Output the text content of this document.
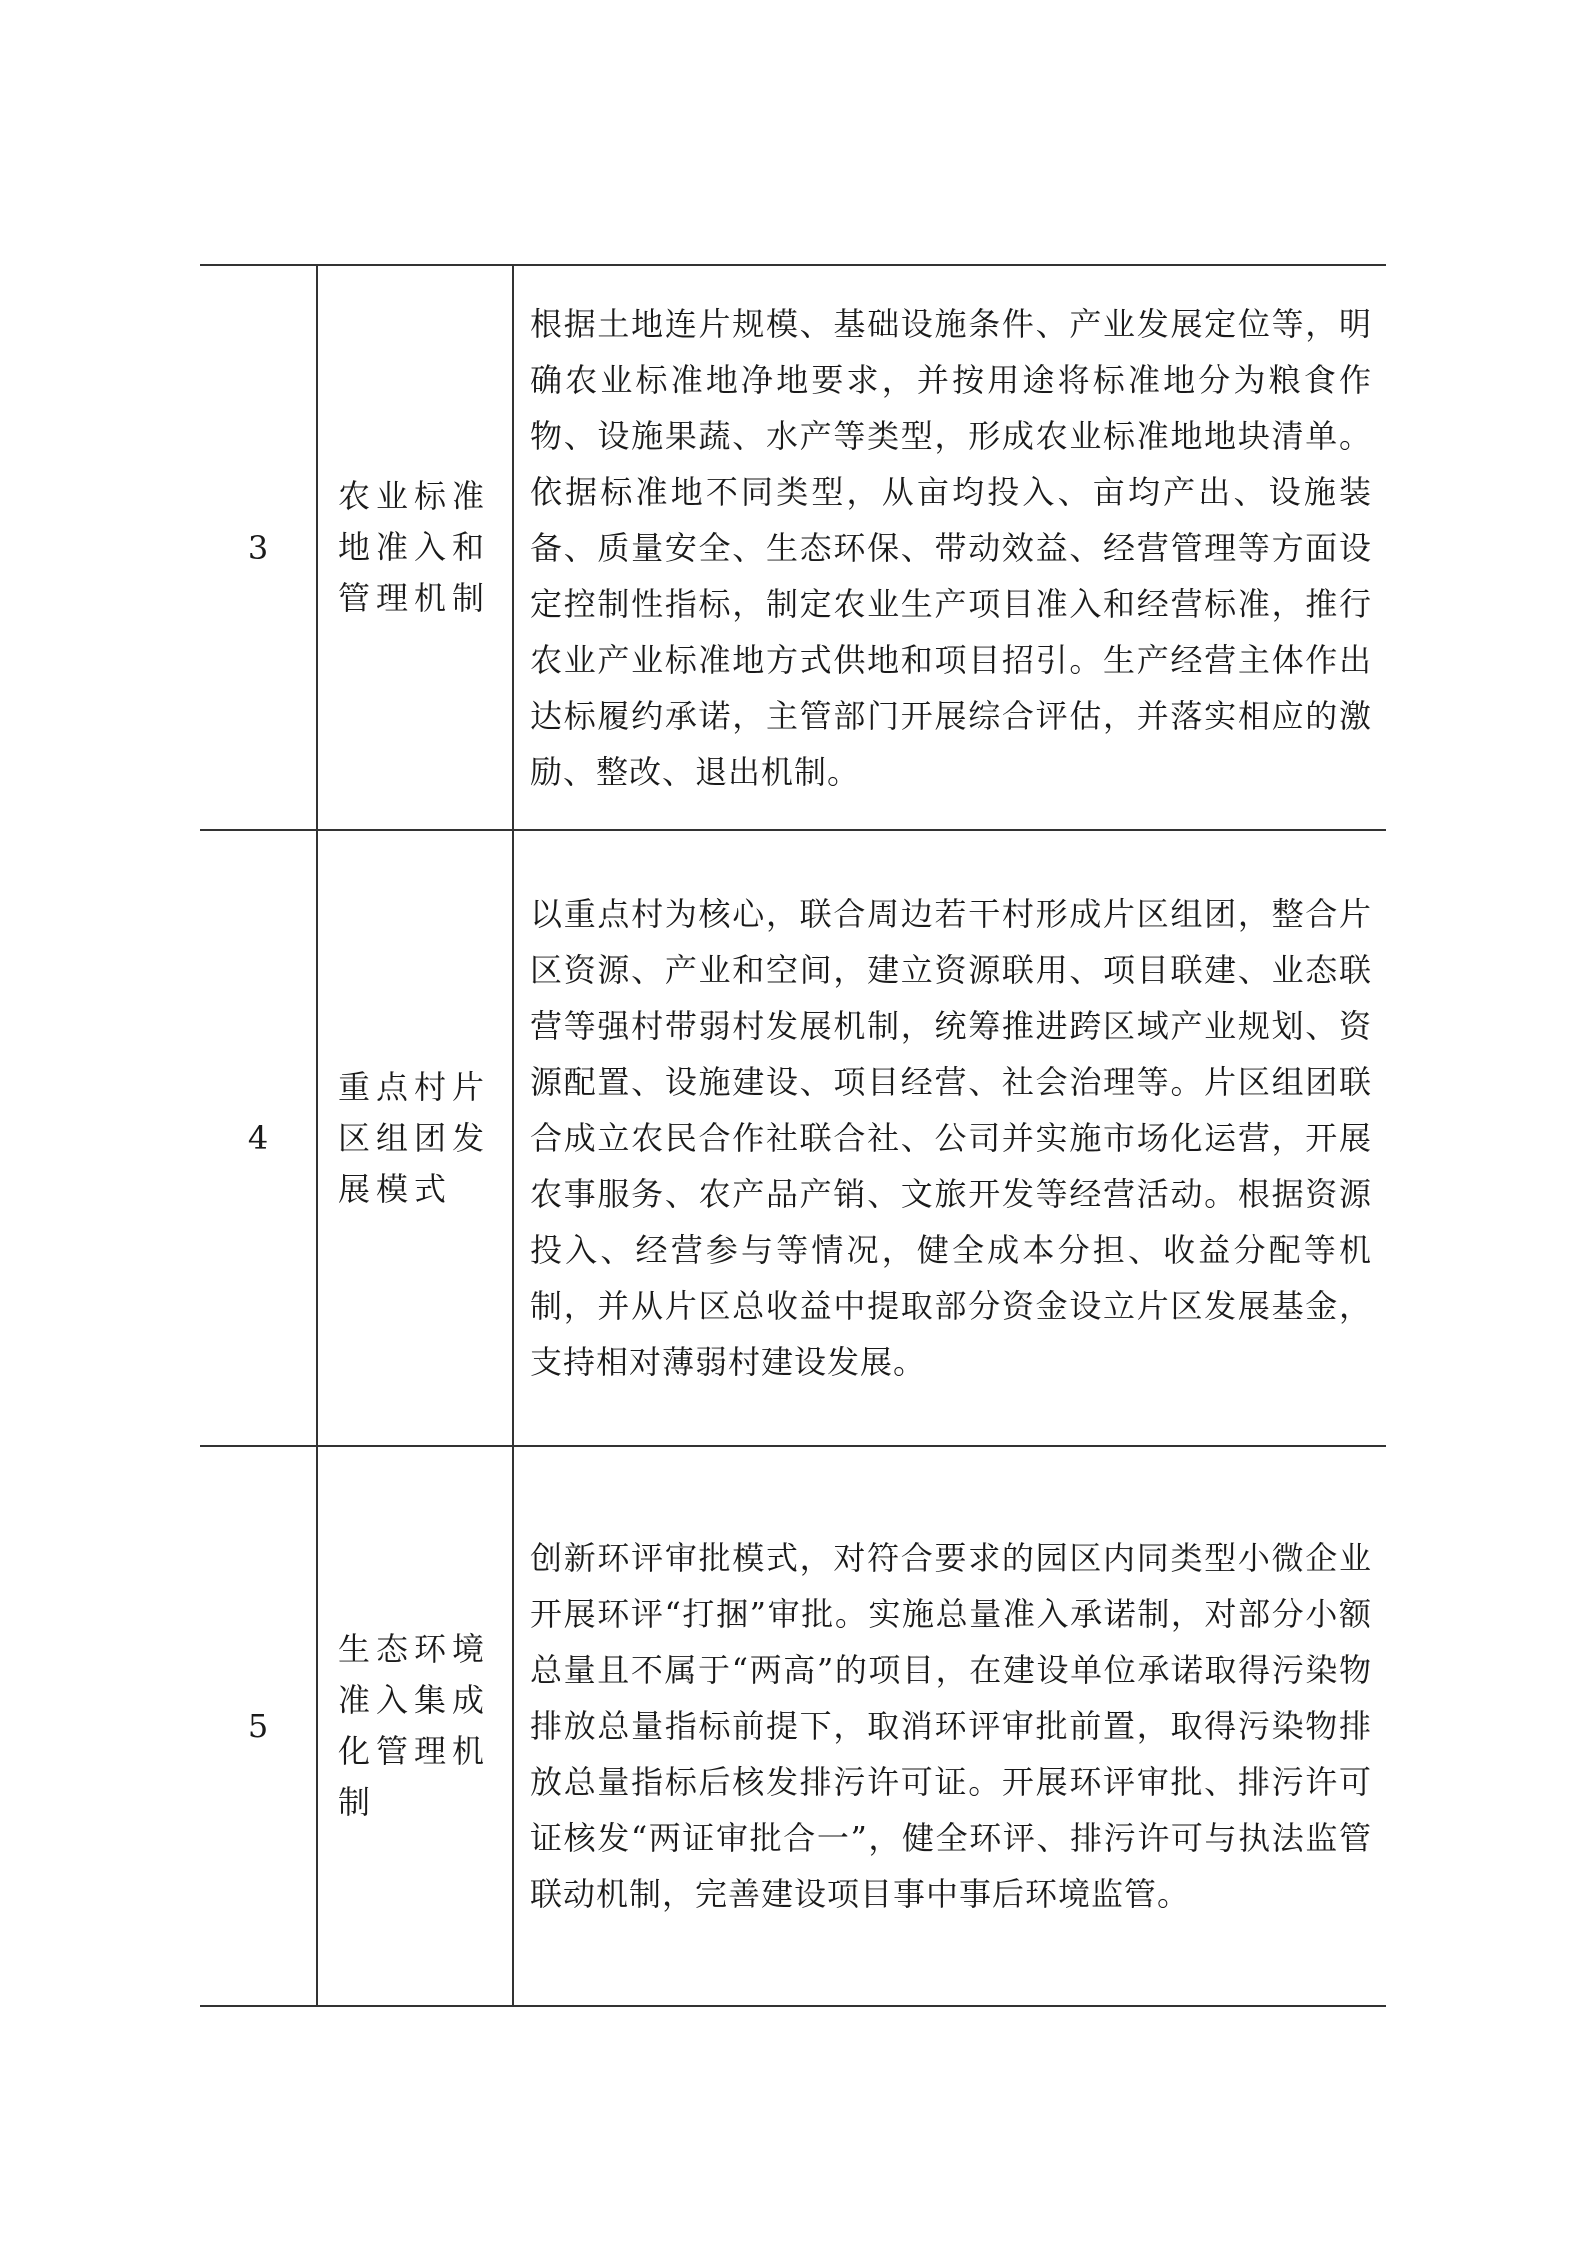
3	农业标准地准入和管理机制	根据土地连片规模、基础设施条件、产业发展定位等，明确农业标准地净地要求，并按用途将标准地分为粮食作物、设施果蔬、水产等类型，形成农业标准地地块清单。依据标准地不同类型，从亩均投入、亩均产出、设施装备、质量安全、生态环保、带动效益、经营管理等方面设定控制性指标，制定农业生产项目准入和经营标准，推行农业产业标准地方式供地和项目招引。生产经营主体作出达标履约承诺，主管部门开展综合评估，并落实相应的激励、整改、退出机制。
4	重点村片区组团发展模式	以重点村为核心，联合周边若干村形成片区组团，整合片区资源、产业和空间，建立资源联用、项目联建、业态联营等强村带弱村发展机制，统筹推进跨区域产业规划、资源配置、设施建设、项目经营、社会治理等。片区组团联合成立农民合作社联合社、公司并实施市场化运营，开展农事服务、农产品产销、文旅开发等经营活动。根据资源投入、经营参与等情况，健全成本分担、收益分配等机制，并从片区总收益中提取部分资金设立片区发展基金，支持相对薄弱村建设发展。
5	生态环境准入集成化管理机制	创新环评审批模式，对符合要求的园区内同类型小微企业开展环评“打捆”审批。实施总量准入承诺制，对部分小额总量且不属于“两高”的项目，在建设单位承诺取得污染物排放总量指标前提下，取消环评审批前置，取得污染物排放总量指标后核发排污许可证。开展环评审批、排污许可证核发“两证审批合一”，健全环评、排污许可与执法监管联动机制，完善建设项目事中事后环境监管。
